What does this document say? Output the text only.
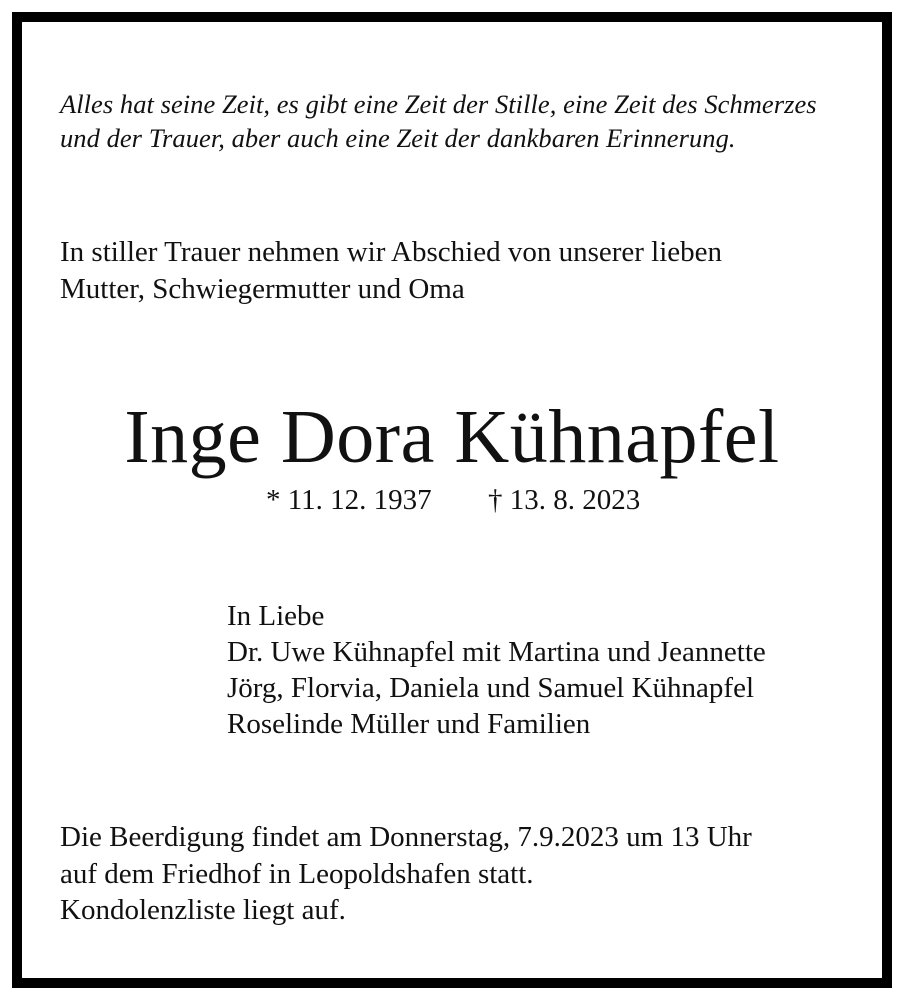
Alles hat seine Zeit, es gibt eine Zeit der Stille, eine Zeit des Schmerzes

und der Trauer, aber auch eine Zeit der dankbaren Erinnerung.

In stiller Trauer nehmen wir Abschied von unserer lieben

Mutter, Schwiegermutter und Oma

Inge Dora Kühnapfel
* 11. 12. 1937 † 13. 8. 2023

In Liebe

Dr. Uwe Kühnapfel mit Martina und Jeannette

Jörg, Florvia, Daniela und Samuel Kühnapfel

Roselinde Müller und Familien

Die Beerdigung findet am Donnerstag, 7.9.2023 um 13 Uhr

auf dem Friedhof in Leopoldshafen statt.

Kondolenzliste liegt auf.
